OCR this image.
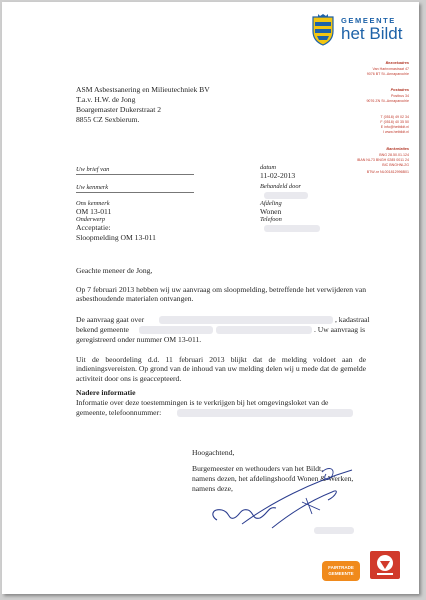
GEMEENTE
het Bildt
Bezoekadres
Van Harinxmastraat 47
9076 BT St.-Annaparochie
Postadres
Postbus 34
9076 ZN St.-Annaparochie
T (0518) 49 02 34
F (0518) 40 35 50
E info@hetbildt.nl
I www.hetbildt.nl
Bankrelaties
BNG 28.50.01.124
IBAN NL73 BNGH 0285 0011 24
BIC BNGHNL2G
BTW-nr NL001812996B01
ASM Asbestsanering en Milieutechniek BV
T.a.v. H.W. de Jong
Boargemaster Dukerstraat 2
8855 CZ Sexbierum.
Uw brief van
Uw kenmerk
Ons kenmerk
OM 13-011
Onderwerp
Acceptatie:
Sloopmelding OM 13-011
datum
11-02-2013
Behandeld door
Afdeling
Wonen
Telefoon
Geachte meneer de Jong,
Op 7 februari 2013 hebben wij uw aanvraag om sloopmelding, betreffende het verwijderen van asbesthoudende materialen ontvangen.
De aanvraag gaat over	, kadastraal
bekend gemeente	. Uw aanvraag is
geregistreerd onder nummer OM 13-011.
Uit de beoordeling d.d. 11 februari 2013 blijkt dat de melding voldoet aan de indieningsvereisten. Op grond van de inhoud van uw melding delen wij u mede dat de gemelde activiteit door ons is geaccepteerd.
Nadere informatie
Informatie over deze toestemmingen is te verkrijgen bij het omgevingsloket van de
gemeente, telefoonnummer:
Hoogachtend,
Burgemeester en wethouders van het Bildt,
namens dezen, het afdelingshoofd Wonen & Werken,
namens deze,
FAIRTRADE GEMEENTE
